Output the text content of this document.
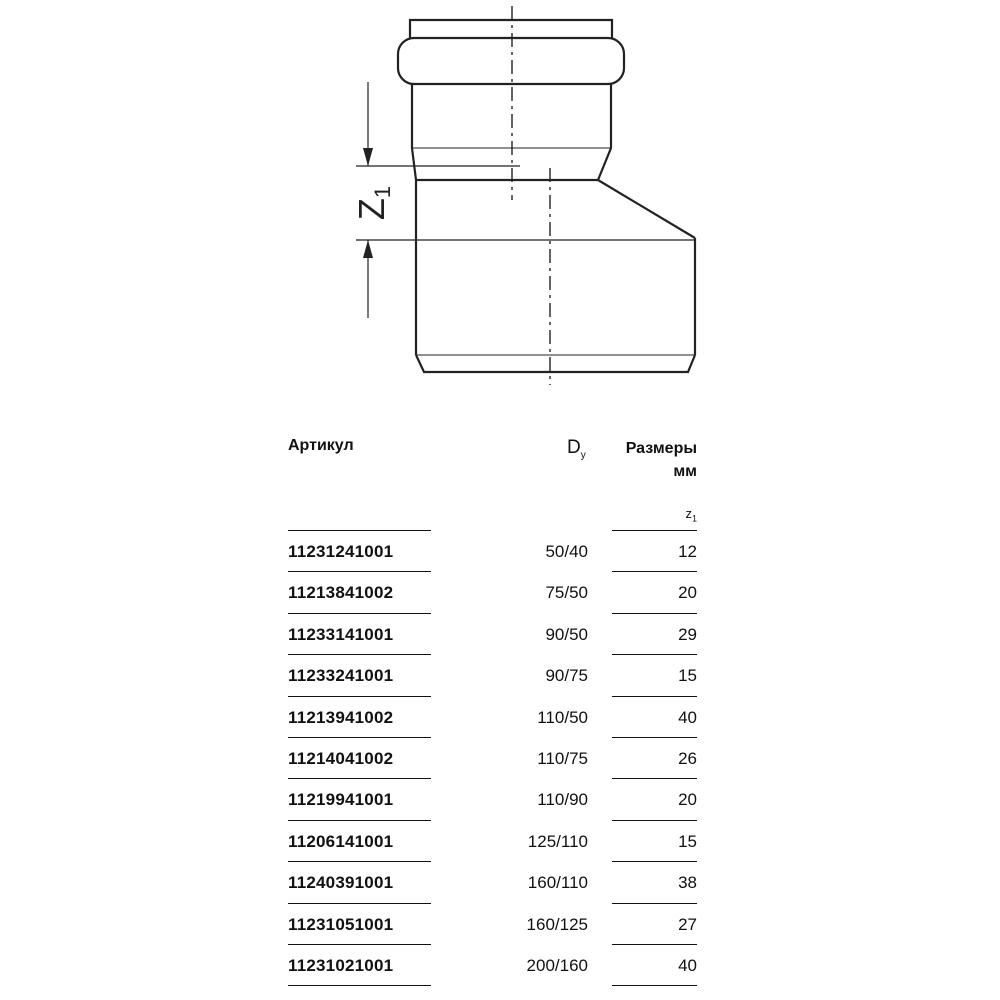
Z1
Артикул	$D_y$	Размеры
мм
$z_1$
11231241001	50/40	12
11213841002	75/50	20
11233141001	90/50	29
11233241001	90/75	15
11213941002	110/50	40
11214041002	110/75	26
11219941001	110/90	20
11206141001	125/110	15
11240391001	160/110	38
11231051001	160/125	27
11231021001	200/160	40
